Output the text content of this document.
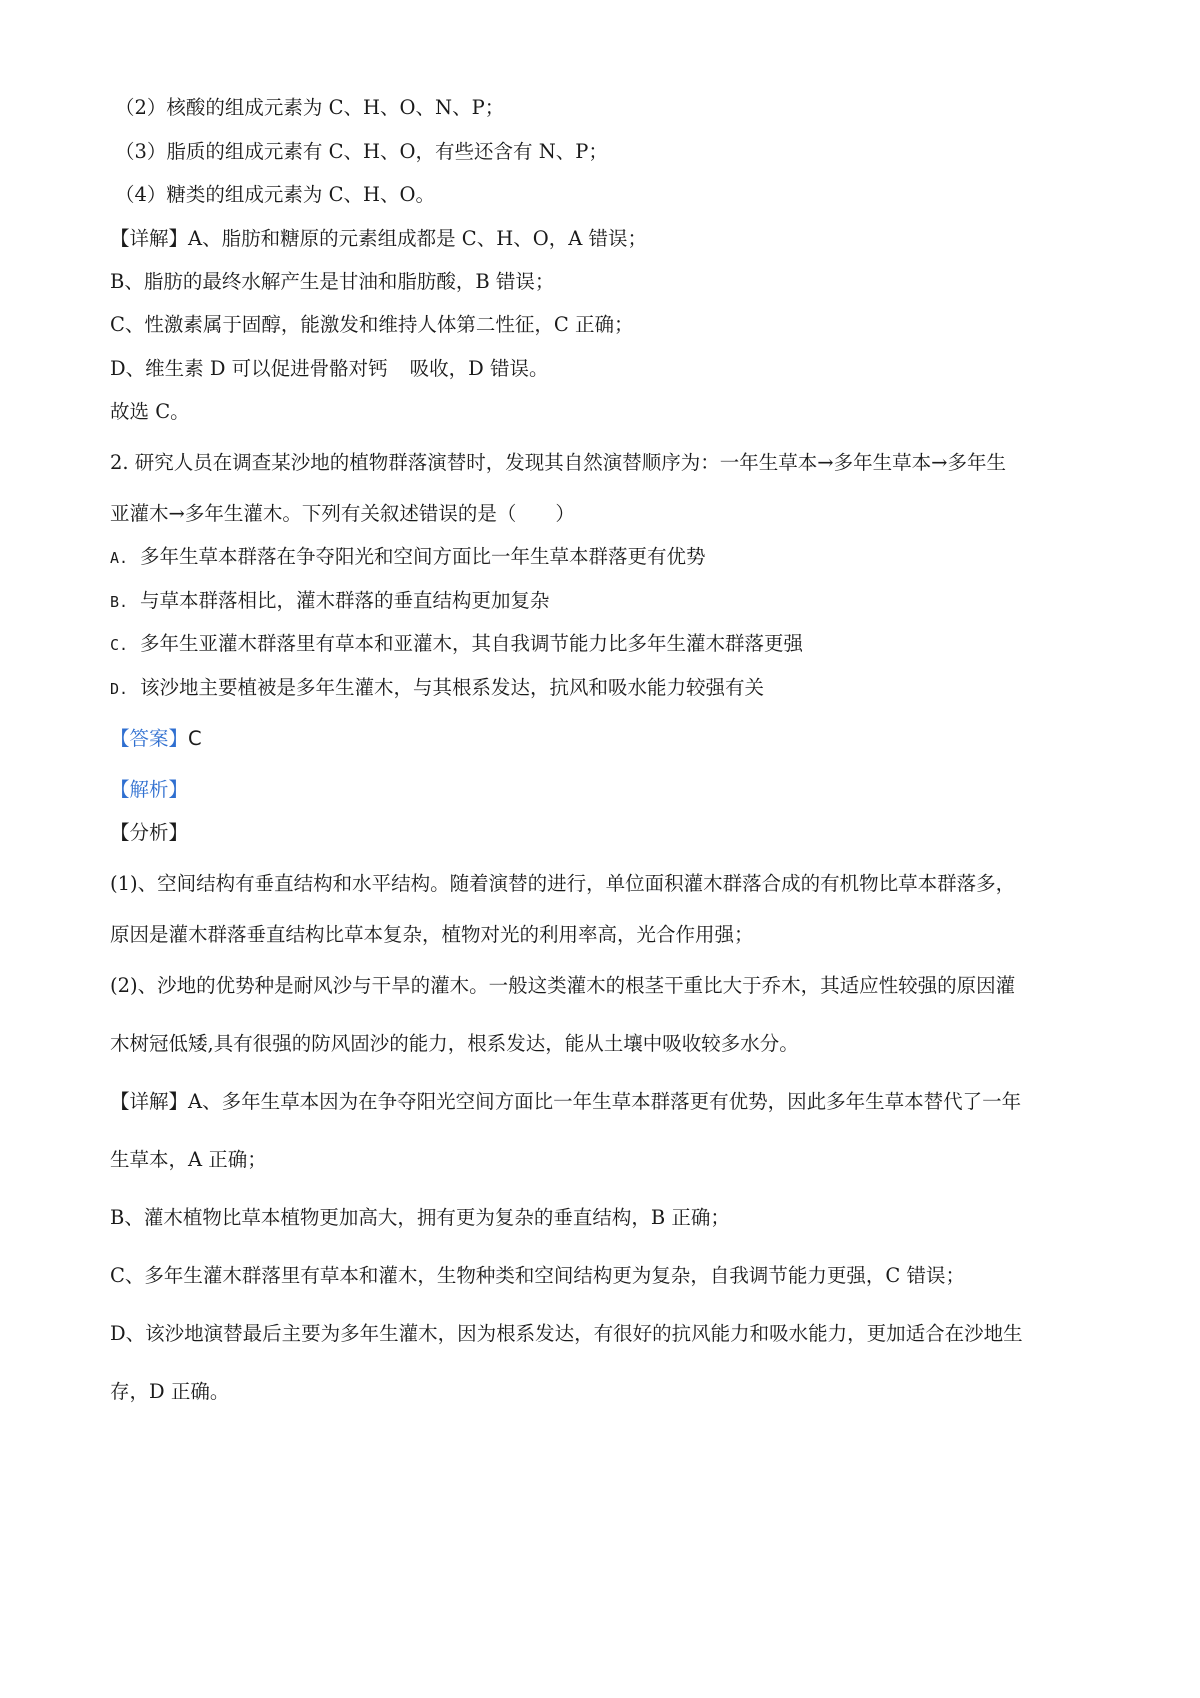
（2）核酸的组成元素为 C、H、O、N、P；
（3）脂质的组成元素有 C、H、O，有些还含有 N、P；
（4）糖类的组成元素为 C、H、O。
【详解】A、脂肪和糖原的元素组成都是 C、H、O，A 错误；
B、脂肪的最终水解产生是甘油和脂肪酸，B 错误；
C、性激素属于固醇，能激发和维持人体第二性征，C 正确；
D、维生素 D 可以促进骨骼对钙 吸收，D 错误。
故选 C。
2. 研究人员在调查某沙地的植物群落演替时，发现其自然演替顺序为：一年生草本→多年生草本→多年生
亚灌木→多年生灌木。下列有关叙述错误的是（　　）
A. 多年生草本群落在争夺阳光和空间方面比一年生草本群落更有优势
B. 与草本群落相比，灌木群落的垂直结构更加复杂
C. 多年生亚灌木群落里有草本和亚灌木，其自我调节能力比多年生灌木群落更强
D. 该沙地主要植被是多年生灌木，与其根系发达，抗风和吸水能力较强有关
【答案】C
【解析】
【分析】
(1)、空间结构有垂直结构和水平结构。随着演替的进行，单位面积灌木群落合成的有机物比草本群落多，
原因是灌木群落垂直结构比草本复杂，植物对光的利用率高，光合作用强；
(2)、沙地的优势种是耐风沙与干旱的灌木。一般这类灌木的根茎干重比大于乔木，其适应性较强的原因灌
木树冠低矮,具有很强的防风固沙的能力，根系发达，能从土壤中吸收较多水分。
【详解】A、多年生草本因为在争夺阳光空间方面比一年生草本群落更有优势，因此多年生草本替代了一年
生草本，A 正确；
B、灌木植物比草本植物更加高大，拥有更为复杂的垂直结构，B 正确；
C、多年生灌木群落里有草本和灌木，生物种类和空间结构更为复杂，自我调节能力更强，C 错误；
D、该沙地演替最后主要为多年生灌木，因为根系发达，有很好的抗风能力和吸水能力，更加适合在沙地生
存，D 正确。
